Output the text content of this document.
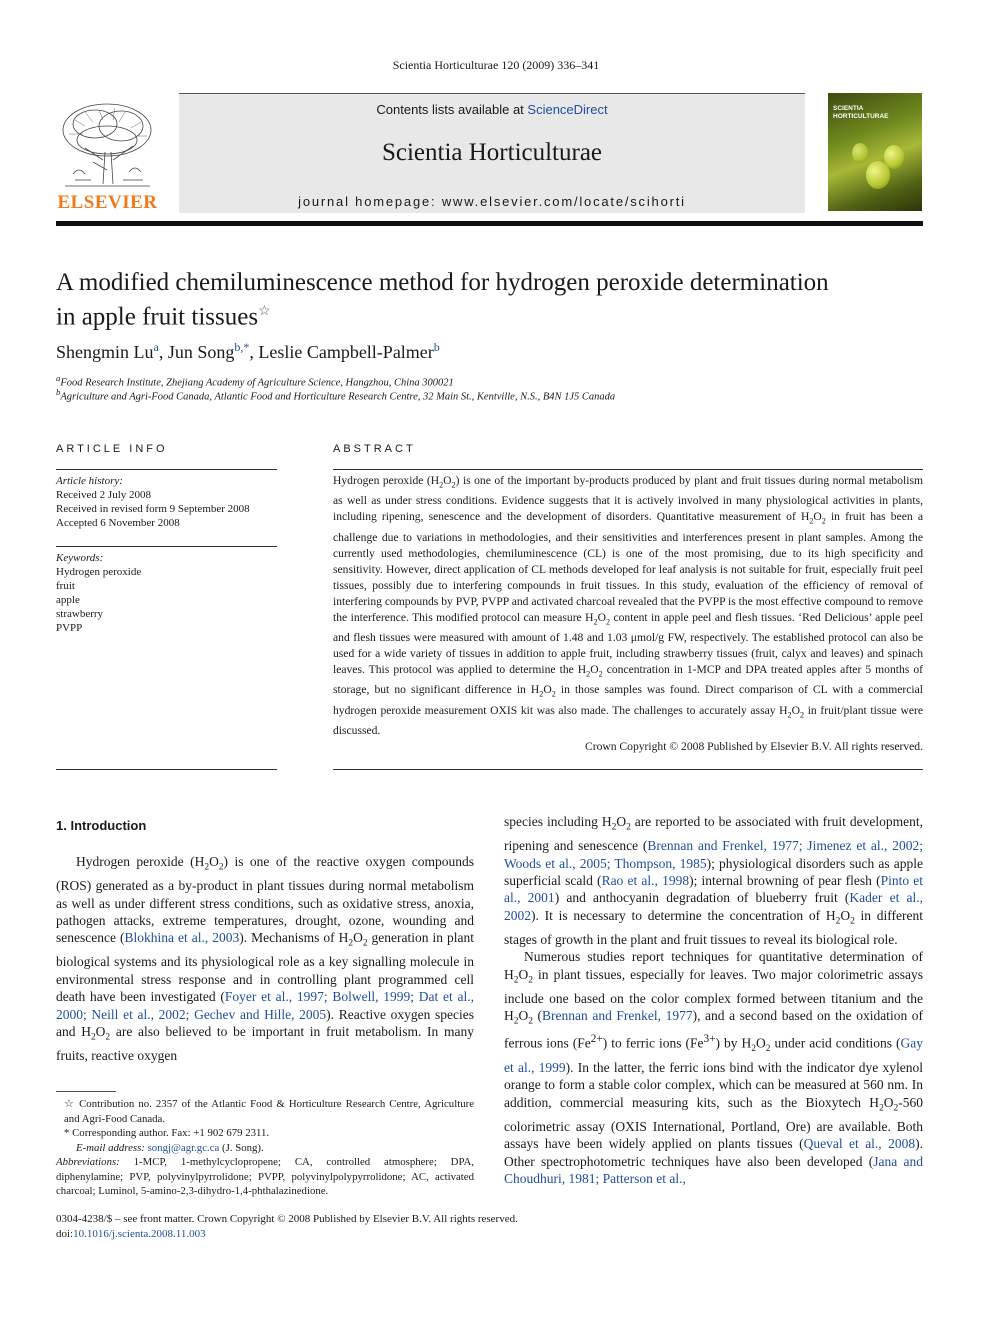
Scientia Horticulturae 120 (2009) 336–341
ELSEVIER
Contents lists available at ScienceDirect
Scientia Horticulturae
journal homepage: www.elsevier.com/locate/scihorti
SCIENTIA
HORTICULTURAE
A modified chemiluminescence method for hydrogen peroxide determination
in apple fruit tissues☆
Shengmin Lu$^a$, Jun Song$^{b,*}$, Leslie Campbell-Palmer$^b$
$^a$Food Research Institute, Zhejiang Academy of Agriculture Science, Hangzhou, China 300021
$^b$Agriculture and Agri-Food Canada, Atlantic Food and Horticulture Research Centre, 32 Main St., Kentville, N.S., B4N 1J5 Canada
ARTICLE INFO	ABSTRACT
Article history:
Received 2 July 2008
Received in revised form 9 September 2008
Accepted 6 November 2008
Keywords:
Hydrogen peroxide
fruit
apple
strawberry
PVPP
Hydrogen peroxide $(H_2O_2)$ is one of the important by-products produced by plant and fruit tissues during normal metabolism as well as under stress conditions. Evidence suggests that it is actively involved in many physiological activities in plants, including ripening, senescence and the development of disorders. Quantitative measurement of $H_2O_2$ in fruit has been a challenge due to variations in methodologies, and their sensitivities and interferences present in plant samples. Among the currently used methodologies, chemiluminescence (CL) is one of the most promising, due to its high specificity and sensitivity. However, direct application of CL methods developed for leaf analysis is not suitable for fruit, especially fruit peel tissues, possibly due to interfering compounds in fruit tissues. In this study, evaluation of the efficiency of removal of interfering compounds by PVP, PVPP and activated charcoal revealed that the PVPP is the most effective compound to remove the interference. This modified protocol can measure $H_2O_2$ content in apple peel and flesh tissues. ‘Red Delicious’ apple peel and flesh tissues were measured with amount of 1.48 and 1.03 μmol/g FW, respectively. The established protocol can also be used for a wide variety of tissues in addition to apple fruit, including strawberry tissues (fruit, calyx and leaves) and spinach leaves. This protocol was applied to determine the $H_2O_2$ concentration in 1-MCP and DPA treated apples after 5 months of storage, but no significant difference in $H_2O_2$ in those samples was found. Direct comparison of CL with a commercial hydrogen peroxide measurement OXIS kit was also made. The challenges to accurately assay $H_2O_2$ in fruit/plant tissue were discussed.
Crown Copyright © 2008 Published by Elsevier B.V. All rights reserved.
1. Introduction

Hydrogen peroxide $(H_2O_2)$ is one of the reactive oxygen compounds (ROS) generated as a by-product in plant tissues during normal metabolism as well as under different stress conditions, such as oxidative stress, anoxia, pathogen attacks, extreme temperatures, drought, ozone, wounding and senescence (Blokhina et al., 2003). Mechanisms of $H_2O_2$ generation in plant biological systems and its physiological role as a key signalling molecule in environmental stress response and in controlling plant programmed cell death have been investigated (Foyer et al., 1997; Bolwell, 1999; Dat et al., 2000; Neill et al., 2002; Gechev and Hille, 2005). Reactive oxygen species and $H_2O_2$ are also believed to be important in fruit metabolism. In many fruits, reactive oxygen

species including $H_2O_2$ are reported to be associated with fruit development, ripening and senescence (Brennan and Frenkel, 1977; Jimenez et al., 2002; Woods et al., 2005; Thompson, 1985); physiological disorders such as apple superficial scald (Rao et al., 1998); internal browning of pear flesh (Pinto et al., 2001) and anthocyanin degradation of blueberry fruit (Kader et al., 2002). It is necessary to determine the concentration of $H_2O_2$ in different stages of growth in the plant and fruit tissues to reveal its biological role.

Numerous studies report techniques for quantitative determination of $H_2O_2$ in plant tissues, especially for leaves. Two major colorimetric assays include one based on the color complex formed between titanium and the $H_2O_2$ (Brennan and Frenkel, 1977), and a second based on the oxidation of ferrous ions $(Fe^{2+})$ to ferric ions $(Fe^{3+})$ by $H_2O_2$ under acid conditions (Gay et al., 1999). In the latter, the ferric ions bind with the indicator dye xylenol orange to form a stable color complex, which can be measured at 560 nm. In addition, commercial measuring kits, such as the Bioxytech $H_2O_2-560$ colorimetric assay (OXIS International, Portland, Ore) are available. Both assays have been widely applied on plants tissues (Queval et al., 2008). Other spectrophotometric techniques have also been developed (Jana and Choudhuri, 1981; Patterson et al.,

☆ Contribution no. 2357 of the Atlantic Food & Horticulture Research Centre, Agriculture and Agri-Food Canada.
* Corresponding author. Fax: +1 902 679 2311.
E-mail address: songj@agr.gc.ca (J. Song).
Abbreviations: 1-MCP, 1-methylcyclopropene; CA, controlled atmosphere; DPA, diphenylamine; PVP, polyvinylpyrrolidone; PVPP, polyvinylpolypyrrolidone; AC, activated charcoal; Luminol, 5-amino-2,3-dihydro-1,4-phthalazinedione.
0304-4238/$ – see front matter. Crown Copyright © 2008 Published by Elsevier B.V. All rights reserved.
doi:10.1016/j.scienta.2008.11.003
